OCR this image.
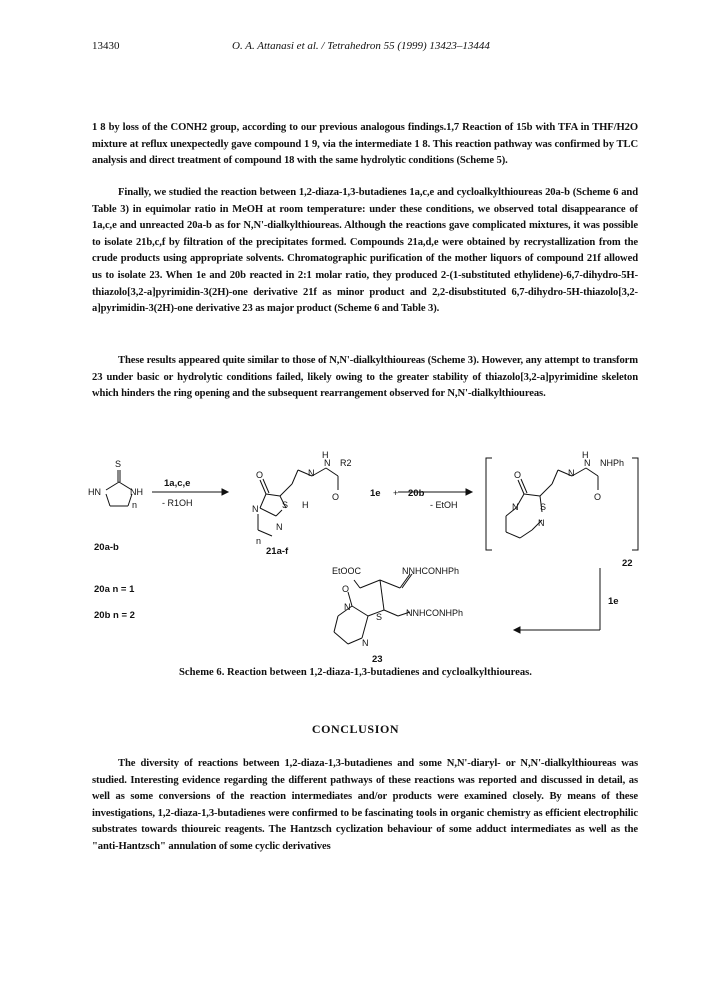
13430	O. A. Attanasi et al. / Tetrahedron 55 (1999) 13423–13444

1 8 by loss of the CONH2 group, according to our previous analogous findings.1,7 Reaction of 15b with TFA in THF/H2O mixture at reflux unexpectedly gave compound 1 9, via the intermediate 1 8. This reaction pathway was confirmed by TLC analysis and direct treatment of compound 18 with the same hydrolytic conditions (Scheme 5).

Finally, we studied the reaction between 1,2-diaza-1,3-butadienes 1a,c,e and cycloalkylthioureas 20a-b (Scheme 6 and Table 3) in equimolar ratio in MeOH at room temperature: under these conditions, we observed total disappearance of 1a,c,e and unreacted 20a-b as for N,N'-dialkylthioureas. Although the reactions gave complicated mixtures, it was possible to isolate 21b,c,f by filtration of the precipitates formed. Compounds 21a,d,e were obtained by recrystallization from the crude products using appropriate solvents. Chromatographic purification of the mother liquors of compound 21f allowed us to isolate 23. When 1e and 20b reacted in 2:1 molar ratio, they produced 2-(1-substituted ethylidene)-6,7-dihydro-5H-thiazolo[3,2-a]pyrimidin-3(2H)-one derivative 21f as minor product and 2,2-disubstituted 6,7-dihydro-5H-thiazolo[3,2-a]pyrimidin-3(2H)-one derivative 23 as major product (Scheme 6 and Table 3).

These results appeared quite similar to those of N,N'-dialkylthioureas (Scheme 3). However, any attempt to transform 23 under basic or hydrolytic conditions failed, likely owing to the greater stability of thiazolo[3,2-a]pyrimidine skeleton which hinders the ring opening and the subsequent rearrangement observed for N,N'-dialkylthioureas.

S
HN	NH
n
1a,c,e
- R1OH
20a-b
20a n = 1
20b n = 2
O
H
N
N R2
O
S H
N
N
n
21a-f
1e + 20b
- EtOH
O
H
N
N NHPh
O
S
N
N
22
1e
EtOOC	NNHCONHPh
O
S	NNHCONHPh
N
N
23
Scheme 6. Reaction between 1,2-diaza-1,3-butadienes and cycloalkylthioureas.
CONCLUSION

The diversity of reactions between 1,2-diaza-1,3-butadienes and some N,N'-diaryl- or N,N'-dialkylthioureas was studied. Interesting evidence regarding the different pathways of these reactions was reported and discussed in detail, as well as some conversions of the reaction intermediates and/or products were examined closely. By means of these investigations, 1,2-diaza-1,3-butadienes were confirmed to be fascinating tools in organic chemistry as efficient electrophilic substrates towards thioureic reagents. The Hantzsch cyclization behaviour of some adduct intermediates as well as the "anti-Hantzsch" annulation of some cyclic derivatives
